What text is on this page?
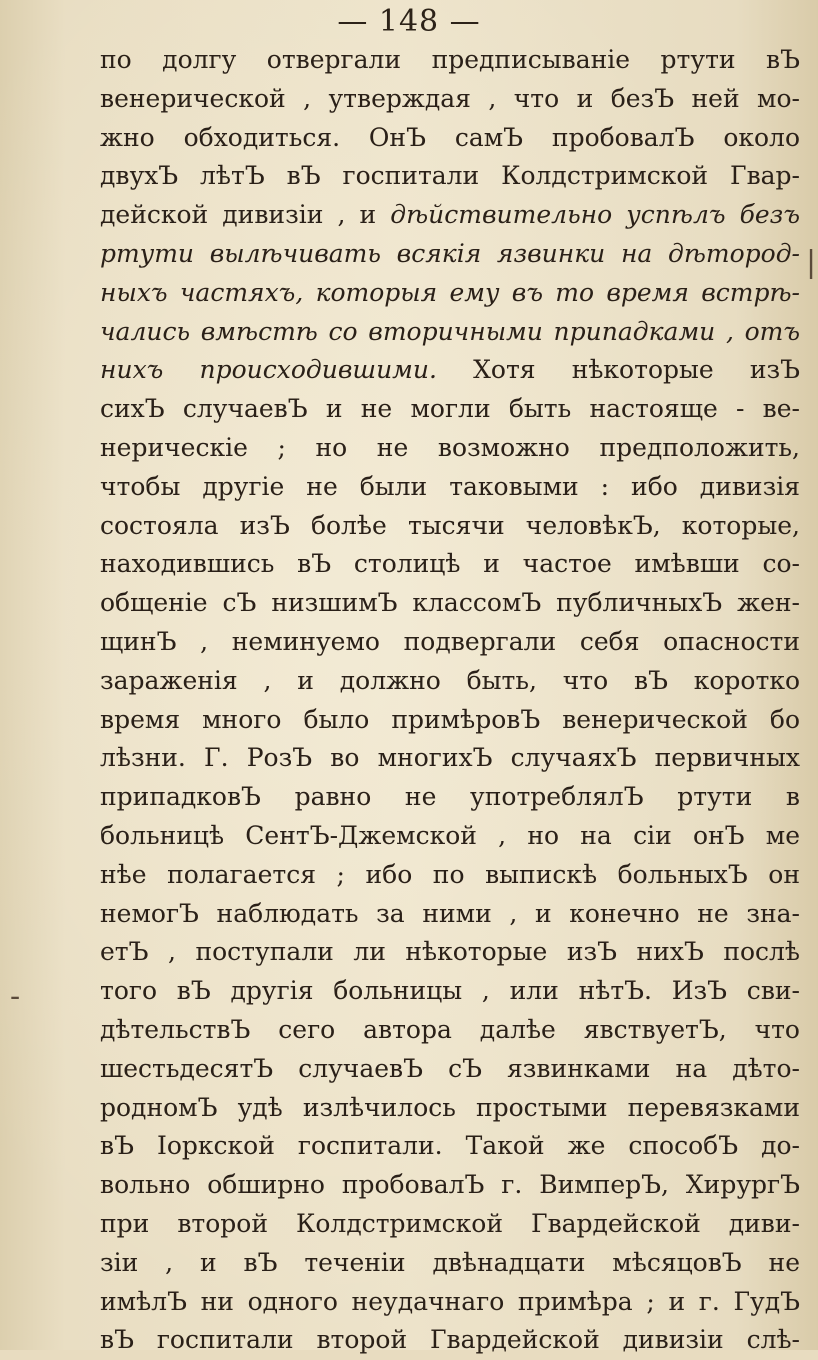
— 148 —
по долгу отвергали предписыванiе ртути вЪ
венерической , утверждая , что и безЪ ней мо-
жно обходиться. ОнЪ самЪ пробовалЪ около
двухЪ лѣтЪ вЪ госпитали Колдстримской Гвар-
дейской дивизiи , и дѣйствительно успѣлъ безъ
ртути вылѣчивать всякiя язвинки на дѣтород-
ныхъ частяхъ, которыя ему въ то время встрѣ-
чались вмѣстѣ со вторичными припадками , отъ
нихъ происходившими. Хотя нѣкоторые изЪ
сихЪ случаевЪ и не могли быть настояще - ве-
нерическiе ; но не возможно предположить,
чтобы другiе не были таковыми : ибо дивизiя
состояла изЪ болѣе тысячи человѣкЪ, которые,
находившись вЪ столицѣ и частое имѣвши со-
общенiе сЪ низшимЪ классомЪ публичныхЪ жен-
щинЪ , неминуемо подвергали себя опасности
зараженiя , и должно быть, что вЪ коротко
время много было примѣровЪ венерической бо
лѣзни. Г. РозЪ во многихЪ случаяхЪ первичных
припадковЪ равно не употреблялЪ ртути в
больницѣ СентЪ-Джемской , но на сiи онЪ ме
нѣе полагается ; ибо по выпискѣ больныхЪ он
немогЪ наблюдать за ними , и конечно не зна-
етЪ , поступали ли нѣкоторые изЪ нихЪ послѣ
того вЪ другiя больницы , или нѣтЪ. ИзЪ сви-
дѣтельствЪ сего автора далѣе явствуетЪ, что
шестьдесятЪ случаевЪ сЪ язвинками на дѣто-
родномЪ удѣ излѣчилось простыми перевязками
вЪ Iоркской госпитали. Такой же способЪ до-
вольно обширно пробовалЪ г. ВимперЪ, ХирургЪ
при второй Колдстримской Гвардейской диви-
зiи , и вЪ теченiи двѣнадцати мѣсяцовЪ не
имѣлЪ ни одного неудачнаго примѣра ; и г. ГудЪ
вЪ госпитали второй Гвардейской дивизiи слѣ-
|
‑
